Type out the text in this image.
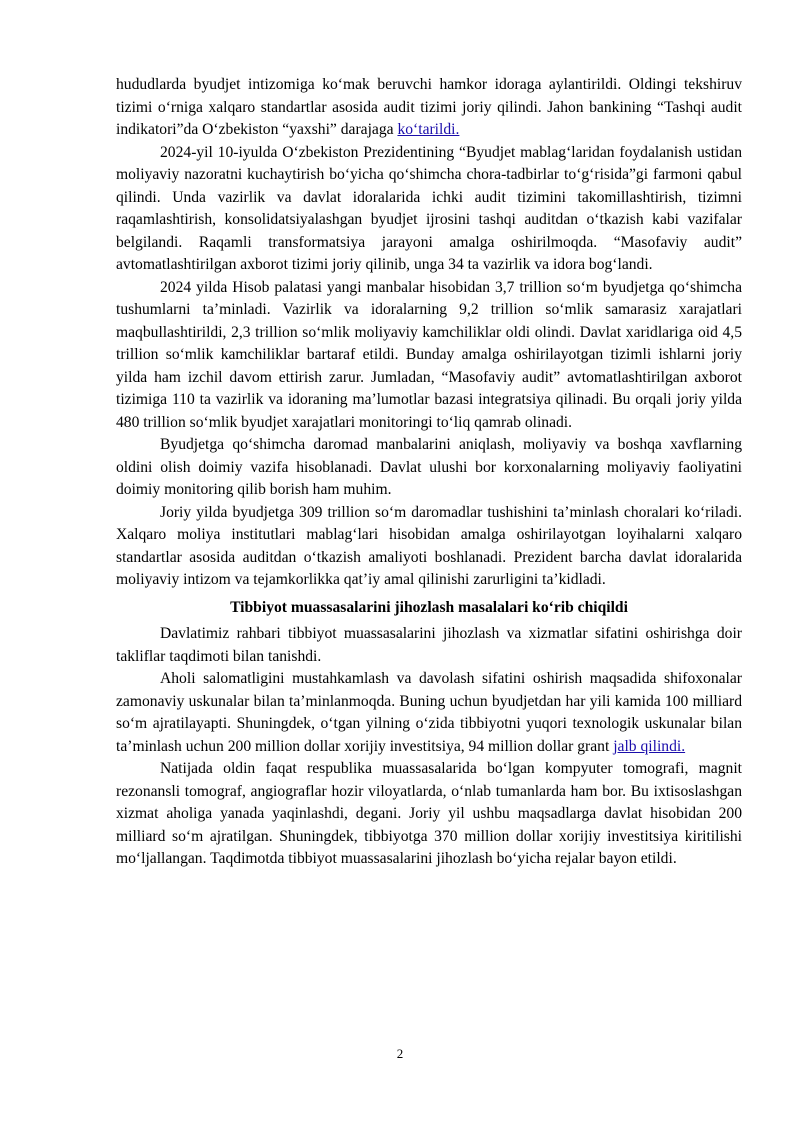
hududlarda byudjet intizomiga ko‘mak beruvchi hamkor idoraga aylantirildi. Oldingi tekshiruv tizimi o‘rniga xalqaro standartlar asosida audit tizimi joriy qilindi. Jahon bankining “Tashqi audit indikatori”da O‘zbekiston “yaxshi” darajaga ko‘tarildi.

2024-yil 10-iyulda O‘zbekiston Prezidentining “Byudjet mablag‘laridan foydalanish ustidan moliyaviy nazoratni kuchaytirish bo‘yicha qo‘shimcha chora-tadbirlar to‘g‘risida”gi farmoni qabul qilindi. Unda vazirlik va davlat idoralarida ichki audit tizimini takomillashtirish, tizimni raqamlashtirish, konsolidatsiyalashgan byudjet ijrosini tashqi auditdan o‘tkazish kabi vazifalar belgilandi. Raqamli transformatsiya jarayoni amalga oshirilmoqda. “Masofaviy audit” avtomatlashtirilgan axborot tizimi joriy qilinib, unga 34 ta vazirlik va idora bog‘landi.

2024 yilda Hisob palatasi yangi manbalar hisobidan 3,7 trillion so‘m byudjetga qo‘shimcha tushumlarni ta’minladi. Vazirlik va idoralarning 9,2 trillion so‘mlik samarasiz xarajatlari maqbullashtirildi, 2,3 trillion so‘mlik moliyaviy kamchiliklar oldi olindi. Davlat xaridlariga oid 4,5 trillion so‘mlik kamchiliklar bartaraf etildi. Bunday amalga oshirilayotgan tizimli ishlarni joriy yilda ham izchil davom ettirish zarur. Jumladan, “Masofaviy audit” avtomatlashtirilgan axborot tizimiga 110 ta vazirlik va idoraning ma’lumotlar bazasi integratsiya qilinadi. Bu orqali joriy yilda 480 trillion so‘mlik byudjet xarajatlari monitoringi to‘liq qamrab olinadi.

Byudjetga qo‘shimcha daromad manbalarini aniqlash, moliyaviy va boshqa xavflarning oldini olish doimiy vazifa hisoblanadi. Davlat ulushi bor korxonalarning moliyaviy faoliyatini doimiy monitoring qilib borish ham muhim.

Joriy yilda byudjetga 309 trillion so‘m daromadlar tushishini ta’minlash choralari ko‘riladi. Xalqaro moliya institutlari mablag‘lari hisobidan amalga oshirilayotgan loyihalarni xalqaro standartlar asosida auditdan o‘tkazish amaliyoti boshlanadi. Prezident barcha davlat idoralarida moliyaviy intizom va tejamkorlikka qat’iy amal qilinishi zarurligini ta’kidladi.

Tibbiyot muassasalarini jihozlash masalalari ko‘rib chiqildi

Davlatimiz rahbari tibbiyot muassasalarini jihozlash va xizmatlar sifatini oshirishga doir takliflar taqdimoti bilan tanishdi.

Aholi salomatligini mustahkamlash va davolash sifatini oshirish maqsadida shifoxonalar zamonaviy uskunalar bilan ta’minlanmoqda. Buning uchun byudjetdan har yili kamida 100 milliard so‘m ajratilayapti. Shuningdek, o‘tgan yilning o‘zida tibbiyotni yuqori texnologik uskunalar bilan ta’minlash uchun 200 million dollar xorijiy investitsiya, 94 million dollar grant jalb qilindi.

Natijada oldin faqat respublika muassasalarida bo‘lgan kompyuter tomografi, magnit rezonansli tomograf, angiograflar hozir viloyatlarda, o‘nlab tumanlarda ham bor. Bu ixtisoslashgan xizmat aholiga yanada yaqinlashdi, degani. Joriy yil ushbu maqsadlarga davlat hisobidan 200 milliard so‘m ajratilgan. Shuningdek, tibbiyotga 370 million dollar xorijiy investitsiya kiritilishi mo‘ljallangan. Taqdimotda tibbiyot muassasalarini jihozlash bo‘yicha rejalar bayon etildi.

2
